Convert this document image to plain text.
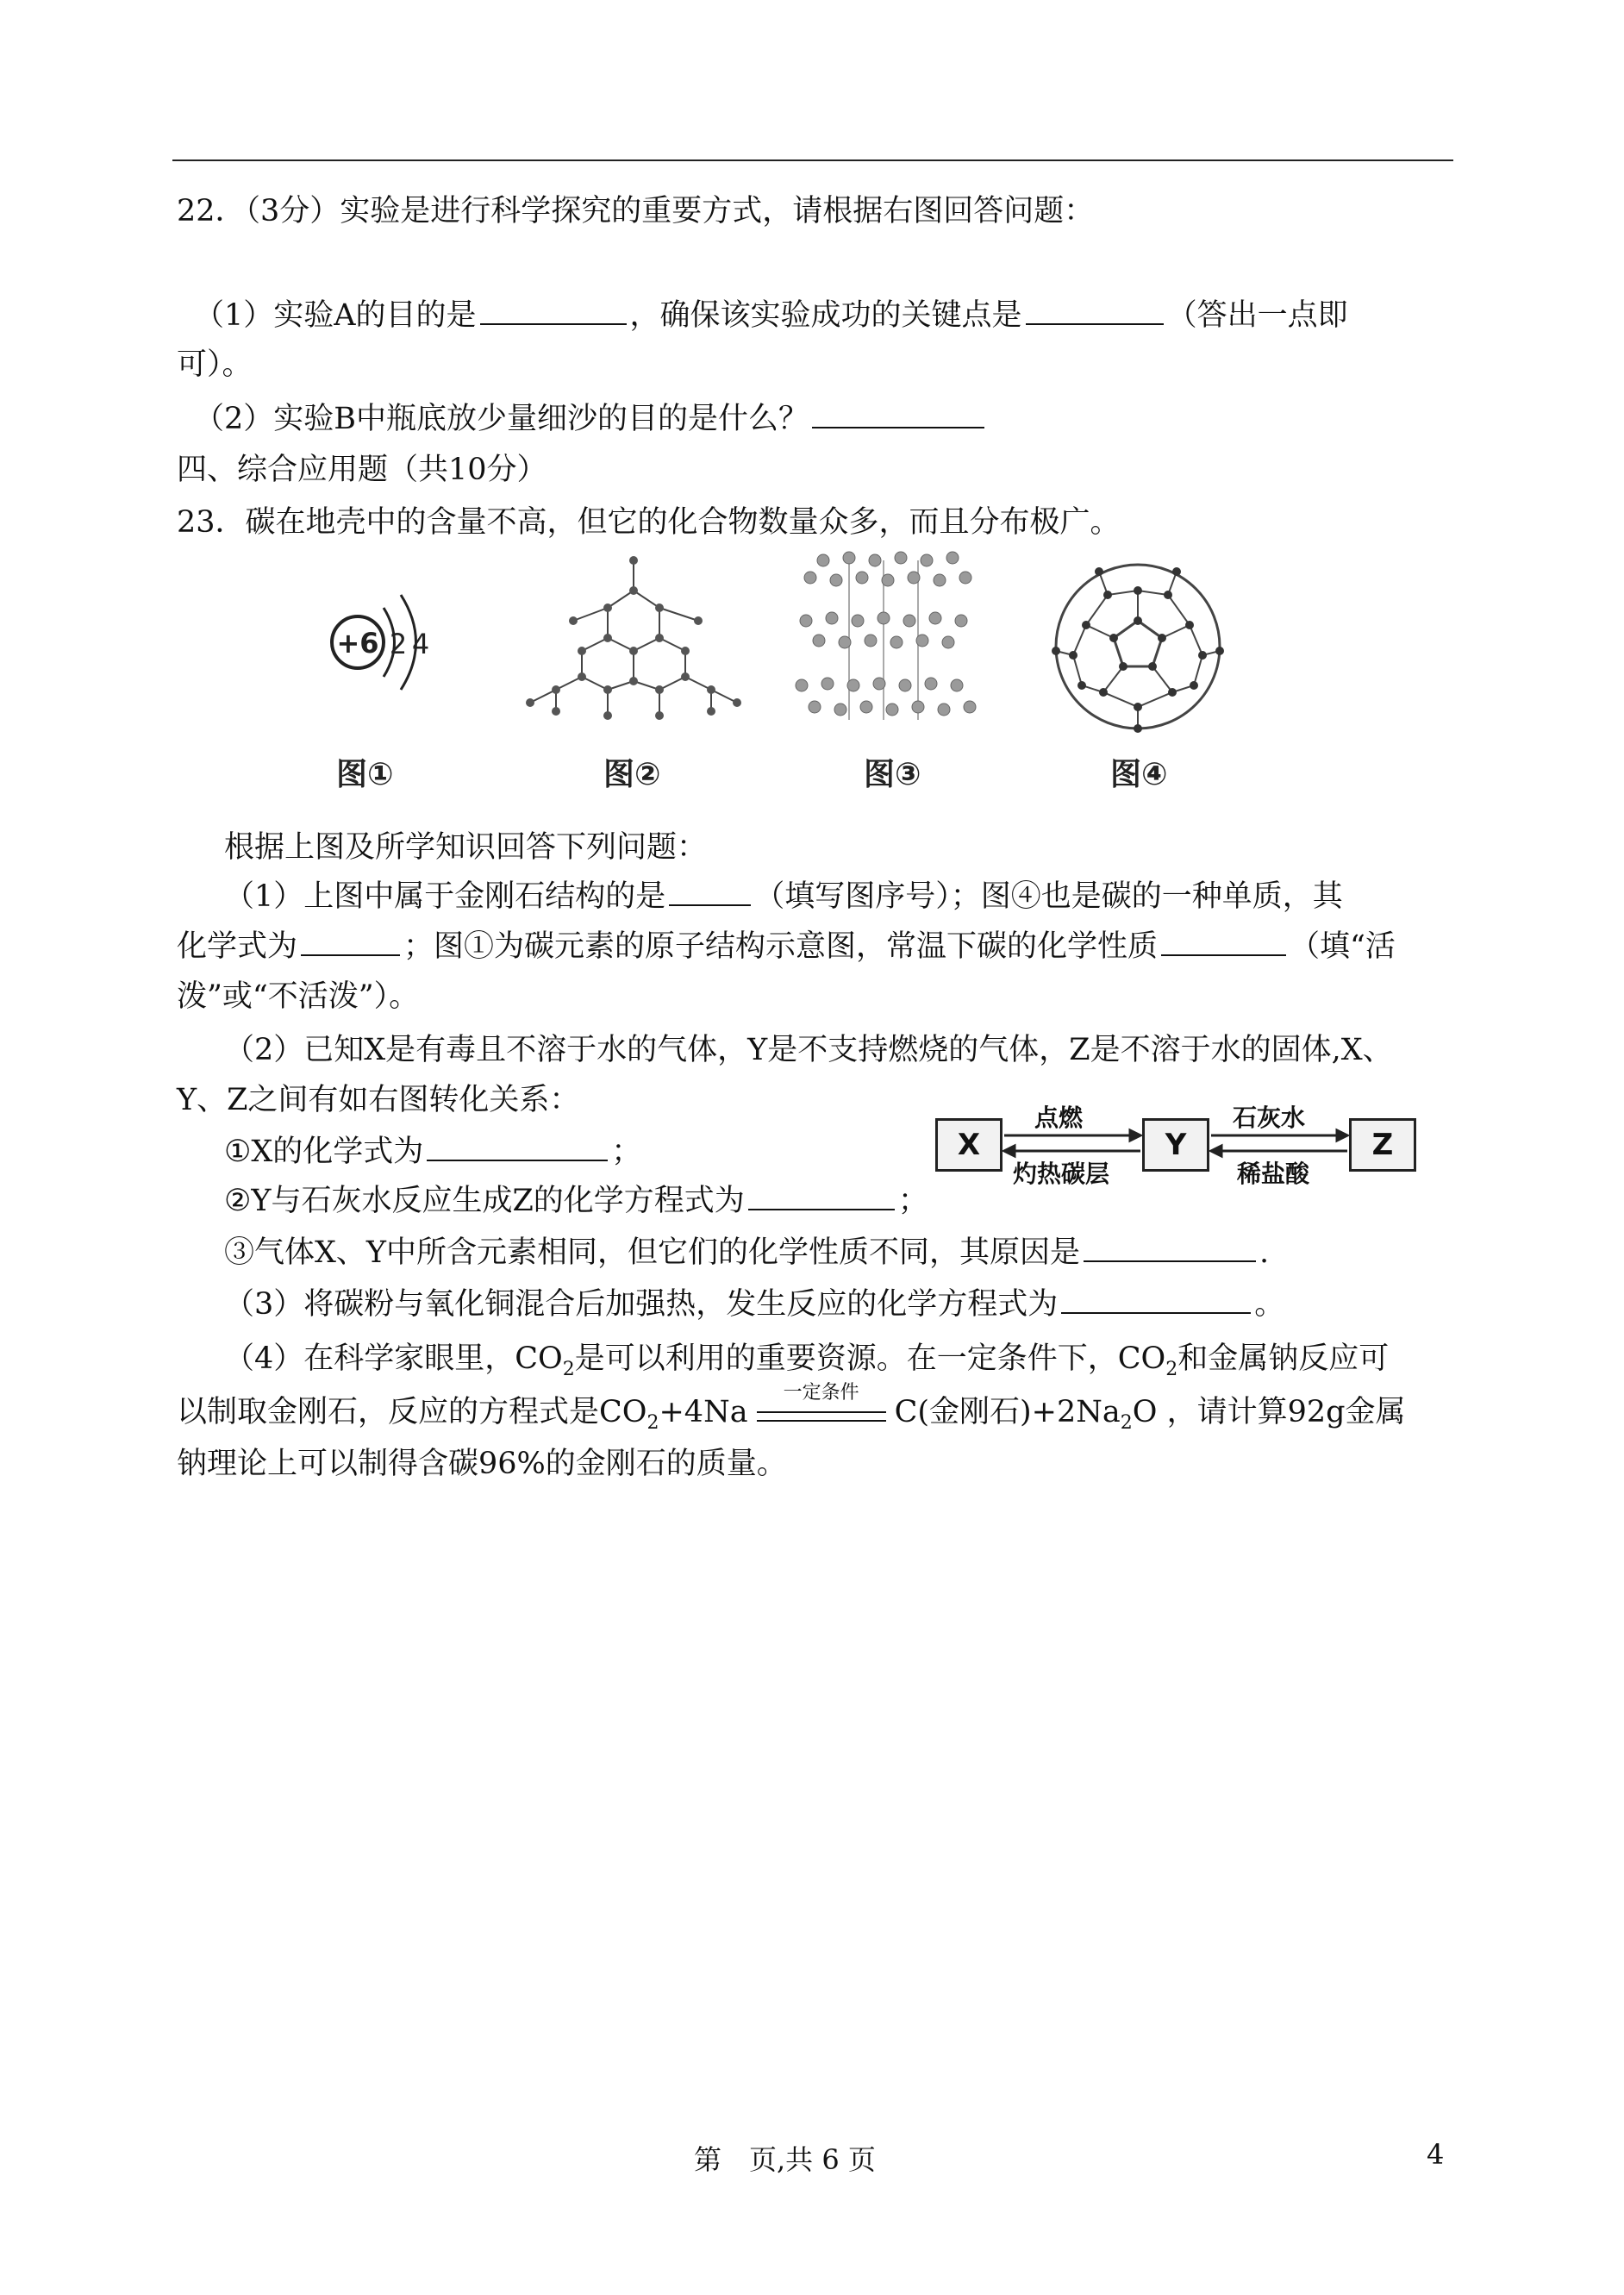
22．（3分）实验是进行科学探究的重要方式，请根据右图回答问题：
（1）实验A的目的是	，确保该实验成功的关键点是	（答出一点即
可）。
（2）实验B中瓶底放少量细沙的目的是什么？
四、综合应用题（共10分）
23．碳在地壳中的含量不高，但它的化合物数量众多，而且分布极广。
+6 2 4
图①	图②	图③	图④
根据上图及所学知识回答下列问题：
（1）上图中属于金刚石结构的是	（填写图序号）；图④也是碳的一种单质，其
化学式为	；图①为碳元素的原子结构示意图，常温下碳的化学性质	（填“活
泼”或“不活泼”）。
（2）已知X是有毒且不溶于水的气体，Y是不支持燃烧的气体，Z是不溶于水的固体,X、
Y、Z之间有如右图转化关系：
X	Y	Z
点燃
灼热碳层
石灰水
稀盐酸
①X的化学式为	；
②Y与石灰水反应生成Z的化学方程式为	；
③气体X、Y中所含元素相同，但它们的化学性质不同，其原因是	.
（3）将碳粉与氧化铜混合后加强热，发生反应的化学方程式为	。
（4）在科学家眼里，$CO_2$是可以利用的重要资源。在一定条件下，$CO_2$和金属钠反应可
以制取金刚石，反应的方程式是$CO_2+4Na$
一定条件
C(金刚石)$+2Na_2O$ ，请计算92g金属
钠理论上可以制得含碳96%的金刚石的质量。
第　页,共 6 页	4
